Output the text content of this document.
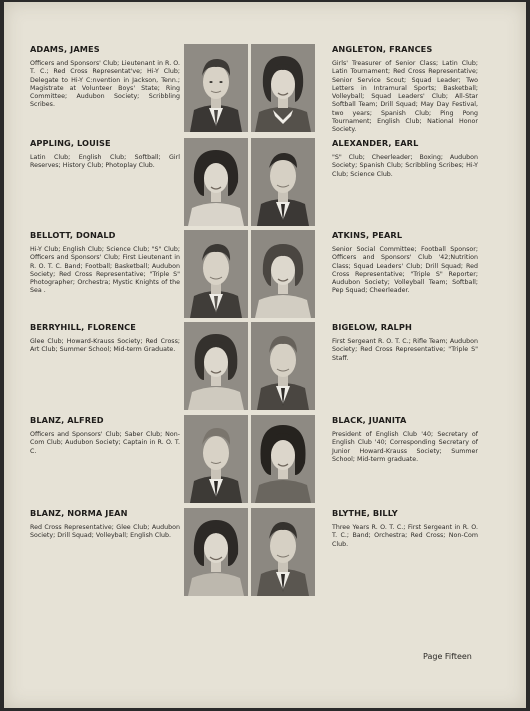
ADAMS, JAMES

Officers and Sponsors' Club; Lieutenant in R. O. T. C.; Red Cross Representat've; Hi-Y Club; Delegate to Hi-Y C:nvention in Jackson, Tenn.; Magistrate at Volunteer Boys' State; Ring Committee; Audubon Society; Scribbling Scribes.

APPLING, LOUISE

Latin Club; English Club; Softball; Girl Reserves; History Club; Photoplay Club.

BELLOTT, DONALD

Hi-Y Club; English Club; Science Club; "S" Club; Officers and Sponsors' Club; First Lieutenant in R. O. T. C. Band; Football; Basketball; Audubon Society; Red Cross Representative; "Triple S" Photographer; Orchestra; Mystic Knights of the Sea .

BERRYHILL, FLORENCE

Glee Club; Howard-Krauss Society; Red Cross; Art Club; Summer School; Mid-term Graduate.

BLANZ, ALFRED

Officers and Sponsors' Club; Saber Club; Non-Com Club; Audubon Society; Captain in R. O. T. C.

BLANZ, NORMA JEAN

Red Cross Representative; Glee Club; Audubon Society; Drill Squad; Volleyball; English Club.

ANGLETON, FRANCES

Girls' Treasurer of Senior Class; Latin Club; Latin Tournament; Red Cross Representative; Senior Service Scout; Squad Leader; Two Letters in Intramural Sports; Basketball; Volleyball; Squad Leaders' Club; All-Star Softball Team; Drill Squad; May Day Festival, two years; Spanish Club; Ping Pong Tournament; English Club; National Honor Society.

ALEXANDER, EARL

"S" Club; Cheerleader; Boxing; Audubon Society; Spanish Club; Scribbling Scribes; Hi-Y Club; Science Club.

ATKINS, PEARL

Senior Social Committee; Football Sponsor; Officers and Sponsors' Club '42;Nutrition Class; Squad Leaders' Club; Drill Squad; Red Cross Representative; "Triple S" Reporter; Audubon Society; Volleyball Team; Softball; Pep Squad; Cheerleader.

BIGELOW, RALPH

First Sergeant R. O. T. C.; Rifle Team; Audubon Society; Red Cross Representative; "Triple S" Staff.

BLACK, JUANITA

President of English Club '40; Secretary of English Club '40; Corresponding Secretary of Junior Howard-Krauss Society; Summer School; Mid-term graduate.

BLYTHE, BILLY

Three Years R. O. T. C.; First Sergeant in R. O. T. C.; Band; Orchestra; Red Cross; Non-Com Club.

Page Fifteen
